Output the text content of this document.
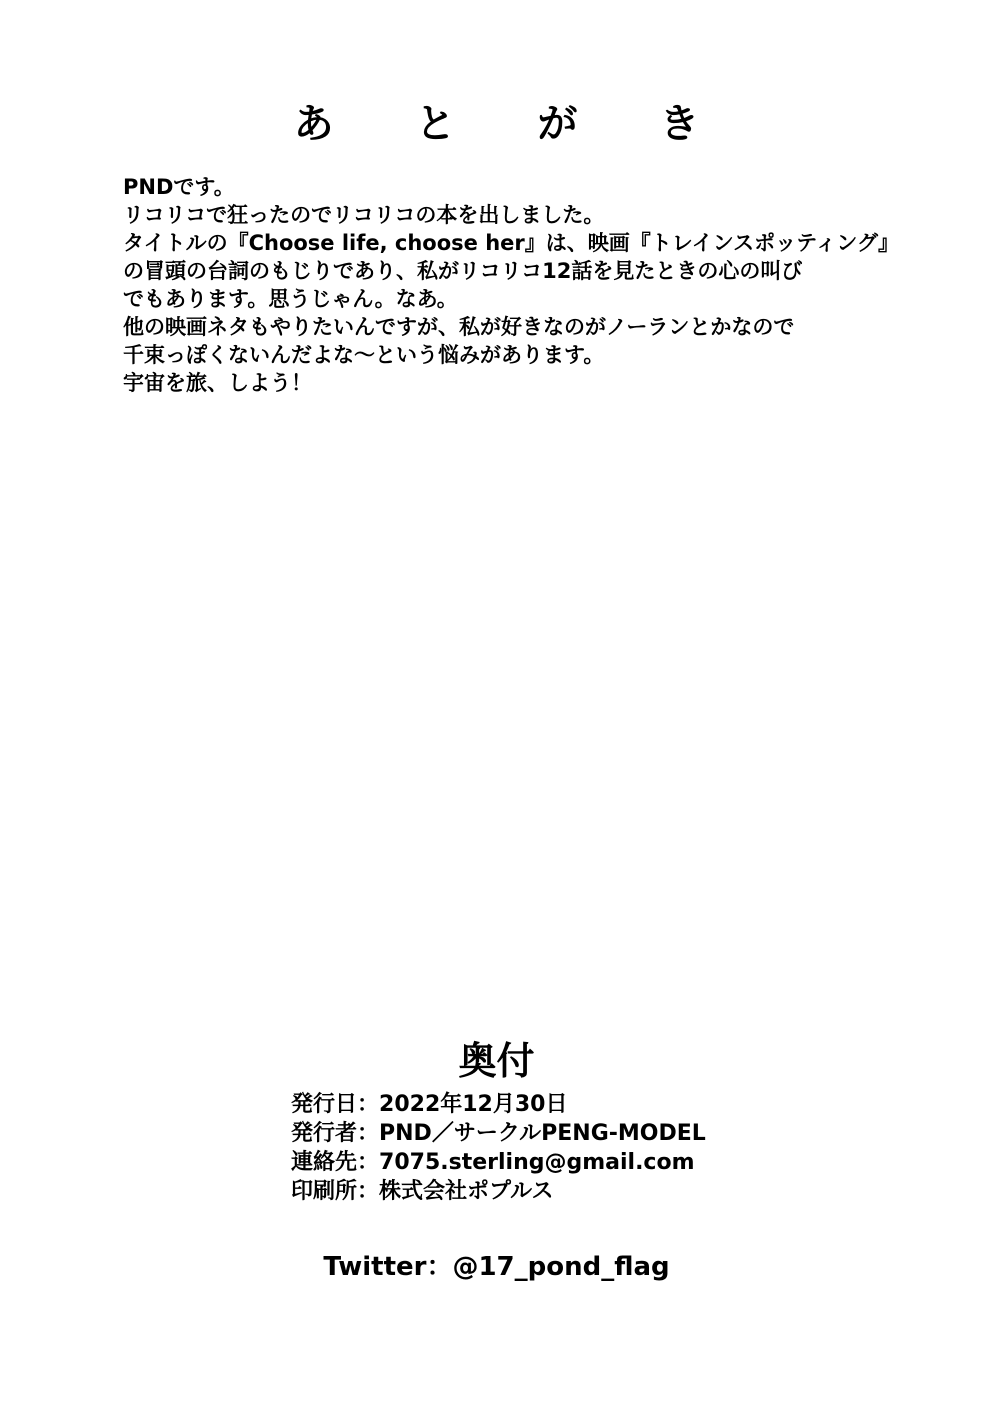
あ と が き
PNDです。
リコリコで狂ったのでリコリコの本を出しました。
タイトルの『Choose life, choose her』は、映画『トレインスポッティング』
の冒頭の台詞のもじりであり、私がリコリコ12話を見たときの心の叫び
でもあります。思うじゃん。なあ。
他の映画ネタもやりたいんですが、私が好きなのがノーランとかなので
千束っぽくないんだよな～という悩みがあります。
宇宙を旅、しよう！
奥付
発行日：2022年12月30日
発行者：PND／サークルPENG-MODEL
連絡先：7075.sterling@gmail.com
印刷所：株式会社ポプルス
Twitter：@17_pond_flag
